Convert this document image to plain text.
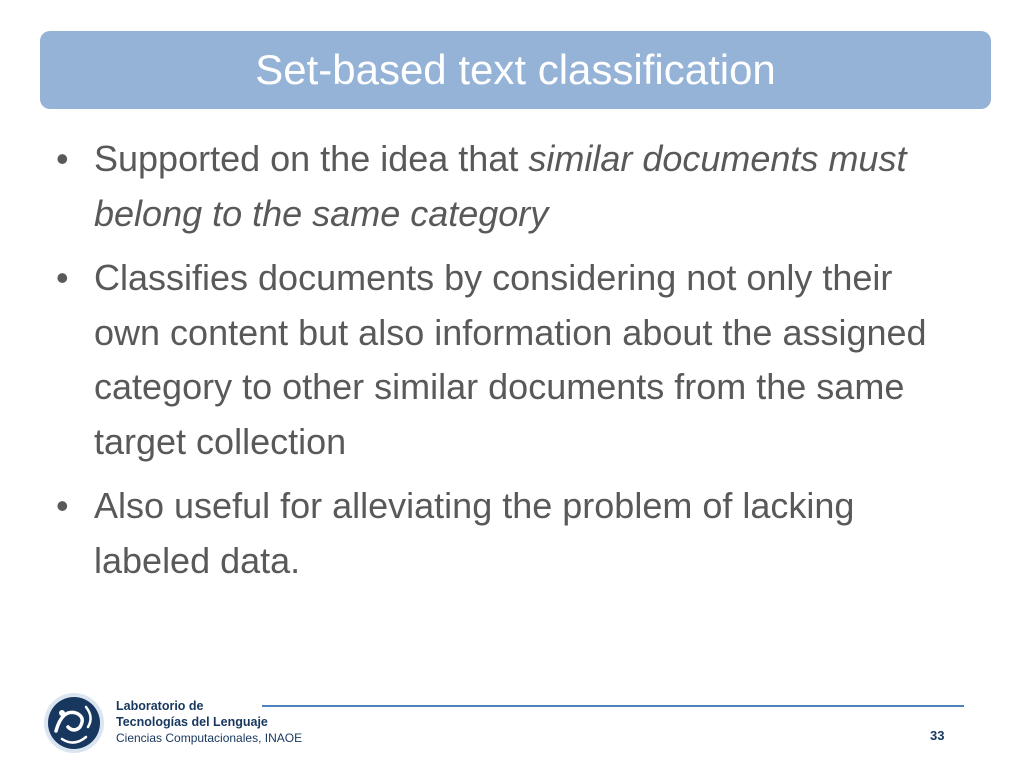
Set-based text classification
• Supported on the idea that similar documents must belong to the same category
• Classifies documents by considering not only their own content but also information about the assigned category to other similar documents from the same target collection
• Also useful for alleviating the problem of lacking labeled data.
Laboratorio de
Tecnologías del Lenguaje
Ciencias Computacionales, INAOE	33
